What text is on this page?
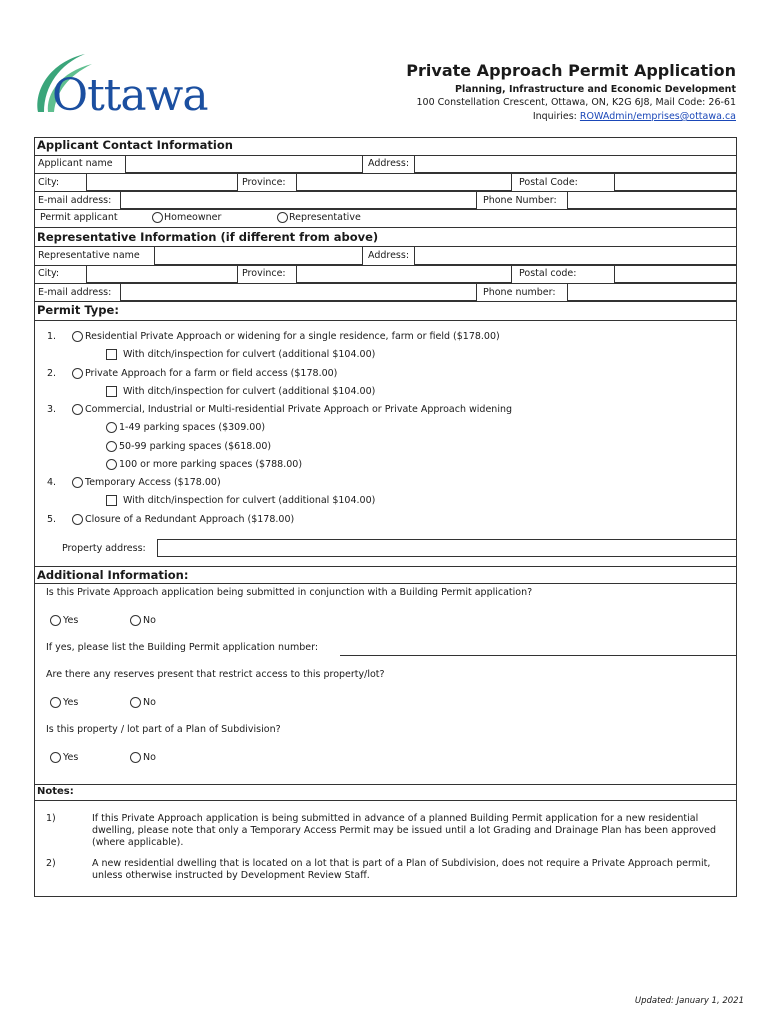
Ottawa	Private Approach Permit Application
Planning, Infrastructure and Economic Development
100 Constellation Crescent, Ottawa, ON, K2G 6J8, Mail Code: 26-61
Inquiries: ROWAdmin/emprises@ottawa.ca
Applicant Contact Information
Applicant name	Address:
City:	Province:	Postal Code:
E-mail address:	Phone Number:
Permit applicant	Homeowner	Representative
Representative Information (if different from above)
Representative name	Address:
City:	Province:	Postal code:
E-mail address:	Phone number:
Permit Type:
1.	Residential Private Approach or widening for a single residence, farm or field ($178.00)
With ditch/inspection for culvert (additional $104.00)
2.	Private Approach for a farm or field access ($178.00)
With ditch/inspection for culvert (additional $104.00)
3.	Commercial, Industrial or Multi-residential Private Approach or Private Approach widening
1-49 parking spaces ($309.00)
50-99 parking spaces ($618.00)
100 or more parking spaces ($788.00)
4.	Temporary Access ($178.00)
With ditch/inspection for culvert (additional $104.00)
5.	Closure of a Redundant Approach ($178.00)
Property address:
Additional Information:
Is this Private Approach application being submitted in conjunction with a Building Permit application?
Yes	No
If yes, please list the Building Permit application number:
Are there any reserves present that restrict access to this property/lot?
Yes	No
Is this property / lot part of a Plan of Subdivision?
Yes	No
Notes:
1)	If this Private Approach application is being submitted in advance of a planned Building Permit application for a new residential dwelling, please note that only a Temporary Access Permit may be issued until a lot Grading and Drainage Plan has been approved (where applicable).
2)	A new residential dwelling that is located on a lot that is part of a Plan of Subdivision, does not require a Private Approach permit, unless otherwise instructed by Development Review Staff.
Updated: January 1, 2021
